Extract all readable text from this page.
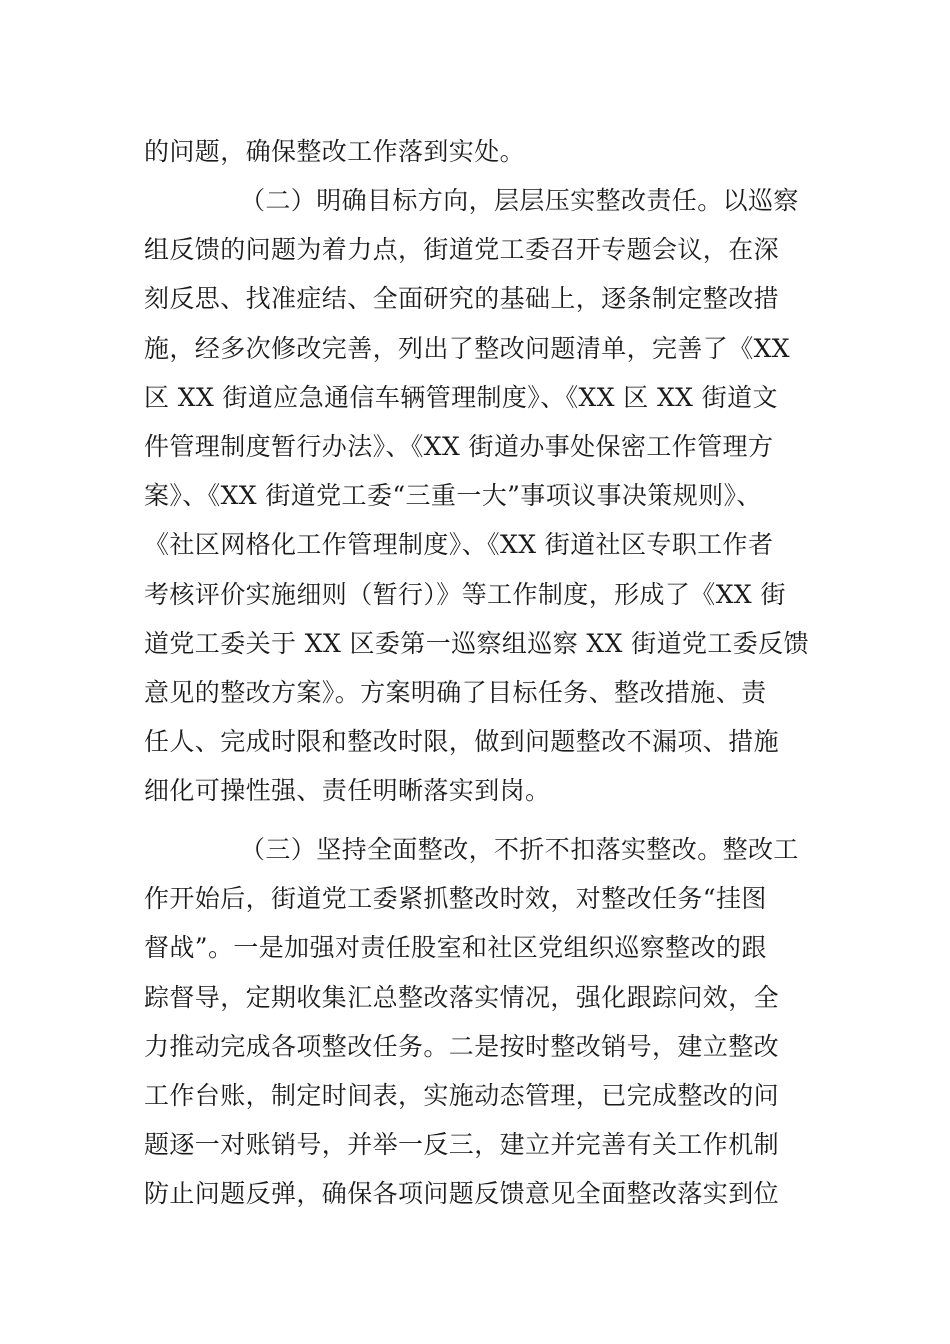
的问题，确保整改工作落到实处。

（二）明确目标方向，层层压实整改责任。以巡察
组反馈的问题为着力点，街道党工委召开专题会议，在深
刻反思、找准症结、全面研究的基础上，逐条制定整改措
施，经多次修改完善，列出了整改问题清单，完善了《XX
区 XX 街道应急通信车辆管理制度》、《XX 区 XX 街道文
件管理制度暂行办法》、《XX 街道办事处保密工作管理方
案》、《XX 街道党工委“三重一大”事项议事决策规则》、
《社区网格化工作管理制度》、《XX 街道社区专职工作者
考核评价实施细则（暂行）》等工作制度，形成了《XX 街
道党工委关于 XX 区委第一巡察组巡察 XX 街道党工委反馈
意见的整改方案》。方案明确了目标任务、整改措施、责
任人、完成时限和整改时限，做到问题整改不漏项、措施
细化可操性强、责任明晰落实到岗。

（三）坚持全面整改，不折不扣落实整改。整改工
作开始后，街道党工委紧抓整改时效，对整改任务“挂图
督战”。一是加强对责任股室和社区党组织巡察整改的跟
踪督导，定期收集汇总整改落实情况，强化跟踪问效，全
力推动完成各项整改任务。二是按时整改销号，建立整改
工作台账，制定时间表，实施动态管理，已完成整改的问
题逐一对账销号，并举一反三，建立并完善有关工作机制
防止问题反弹，确保各项问题反馈意见全面整改落实到位
